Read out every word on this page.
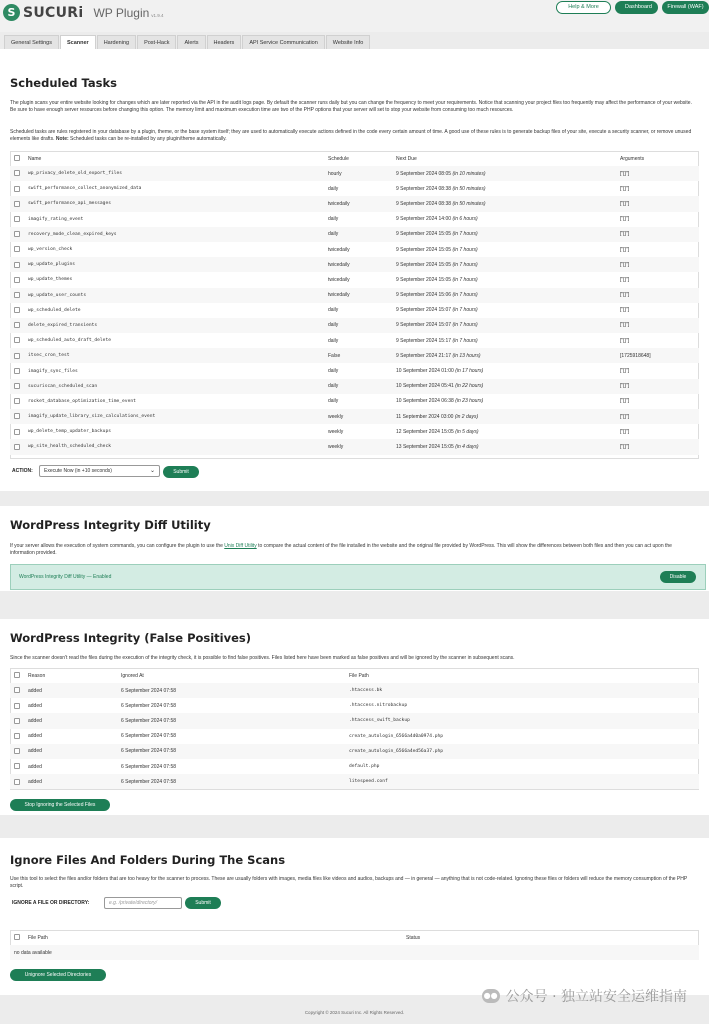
S SUCURi WP Plugin v1.9.4
Help & More	Dashboard	Firewall (WAF)
General Settings	Scanner	Hardening	Post-Hack	Alerts	Headers	API Service Communication	Website Info
Scheduled Tasks
The plugin scans your entire website looking for changes which are later reported via the API in the audit logs page. By default the scanner runs daily but you can change the frequency to meet your requirements. Notice that scanning your project files too frequently may affect the performance of your website. Be sure to have enough server resources before changing this option. The memory limit and maximum execution time are two of the PHP options that your server will set to stop your website from consuming too much resources.
Scheduled tasks are rules registered in your database by a plugin, theme, or the base system itself; they are used to automatically execute actions defined in the code every certain amount of time. A good use of these rules is to generate backup files of your site, execute a security scanner, or remove unused elements like drafts. Note: Scheduled tasks can be re-installed by any plugin/theme automatically.
	Name	Schedule	Next Due	Arguments
	wp_privacy_delete_old_export_files	hourly	9 September 2024 08:05 (in 10 minutes)	["[]"]
	swift_performance_collect_anonymized_data	daily	9 September 2024 08:38 (in 50 minutes)	["[]"]
	swift_performance_api_messages	twicedaily	9 September 2024 08:38 (in 50 minutes)	["[]"]
	imagify_rating_event	daily	9 September 2024 14:00 (in 6 hours)	["[]"]
	recovery_mode_clean_expired_keys	daily	9 September 2024 15:05 (in 7 hours)	["[]"]
	wp_version_check	twicedaily	9 September 2024 15:05 (in 7 hours)	["[]"]
	wp_update_plugins	twicedaily	9 September 2024 15:05 (in 7 hours)	["[]"]
	wp_update_themes	twicedaily	9 September 2024 15:05 (in 7 hours)	["[]"]
	wp_update_user_counts	twicedaily	9 September 2024 15:06 (in 7 hours)	["[]"]
	wp_scheduled_delete	daily	9 September 2024 15:07 (in 7 hours)	["[]"]
	delete_expired_transients	daily	9 September 2024 15:07 (in 7 hours)	["[]"]
	wp_scheduled_auto_draft_delete	daily	9 September 2024 15:17 (in 7 hours)	["[]"]
	itsec_cron_test	False	9 September 2024 21:17 (in 13 hours)	[1725918648]
	imagify_sync_files	daily	10 September 2024 01:00 (in 17 hours)	["[]"]
	sucuriscan_scheduled_scan	daily	10 September 2024 05:41 (in 22 hours)	["[]"]
	rocket_database_optimization_time_event	daily	10 September 2024 06:38 (in 23 hours)	["[]"]
	imagify_update_library_size_calculations_event	weekly	11 September 2024 03:00 (in 2 days)	["[]"]
	wp_delete_temp_updater_backups	weekly	12 September 2024 15:05 (in 5 days)	["[]"]
	wp_site_health_scheduled_check	weekly	13 September 2024 15:05 (in 4 days)	["[]"]
ACTION:	Execute Now (in +10 seconds)	⌄	Submit
WordPress Integrity Diff Utility
If your server allows the execution of system commands, you can configure the plugin to use the Unix Diff Utility to compare the actual content of the file installed in the website and the original file provided by WordPress. This will show the differences between both files and then you can act upon the information provided.
WordPress Integrity Diff Utility — Enabled	Disable
WordPress Integrity (False Positives)
Since the scanner doesn't read the files during the execution of the integrity check, it is possible to find false positives. Files listed here have been marked as false positives and will be ignored by the scanner in subsequent scans.
	Reason	Ignored At	File Path
	added	6 September 2024 07:58	.htaccess.bk
	added	6 September 2024 07:58	.htaccess.nitrobackup
	added	6 September 2024 07:58	.htaccess_swift_backup
	added	6 September 2024 07:58	create_autologin_6566a4d0a0974.php
	added	6 September 2024 07:58	create_autologin_6566a4ed56a37.php
	added	6 September 2024 07:58	default.php
	added	6 September 2024 07:58	litespeed.conf
Stop Ignoring the Selected Files
Ignore Files And Folders During The Scans
Use this tool to select the files and/or folders that are too heavy for the scanner to process. These are usually folders with images, media files like videos and audios, backups and — in general — anything that is not code-related. Ignoring these files or folders will reduce the memory consumption of the PHP script.
IGNORE A FILE OR DIRECTORY:	e.g. /private/directory/	Submit
	File Path	Status
no data available
Unignore Selected Directories
●● 公众号 · 独立站安全运维指南
Copyright © 2024 Sucuri Inc. All Rights Reserved.
